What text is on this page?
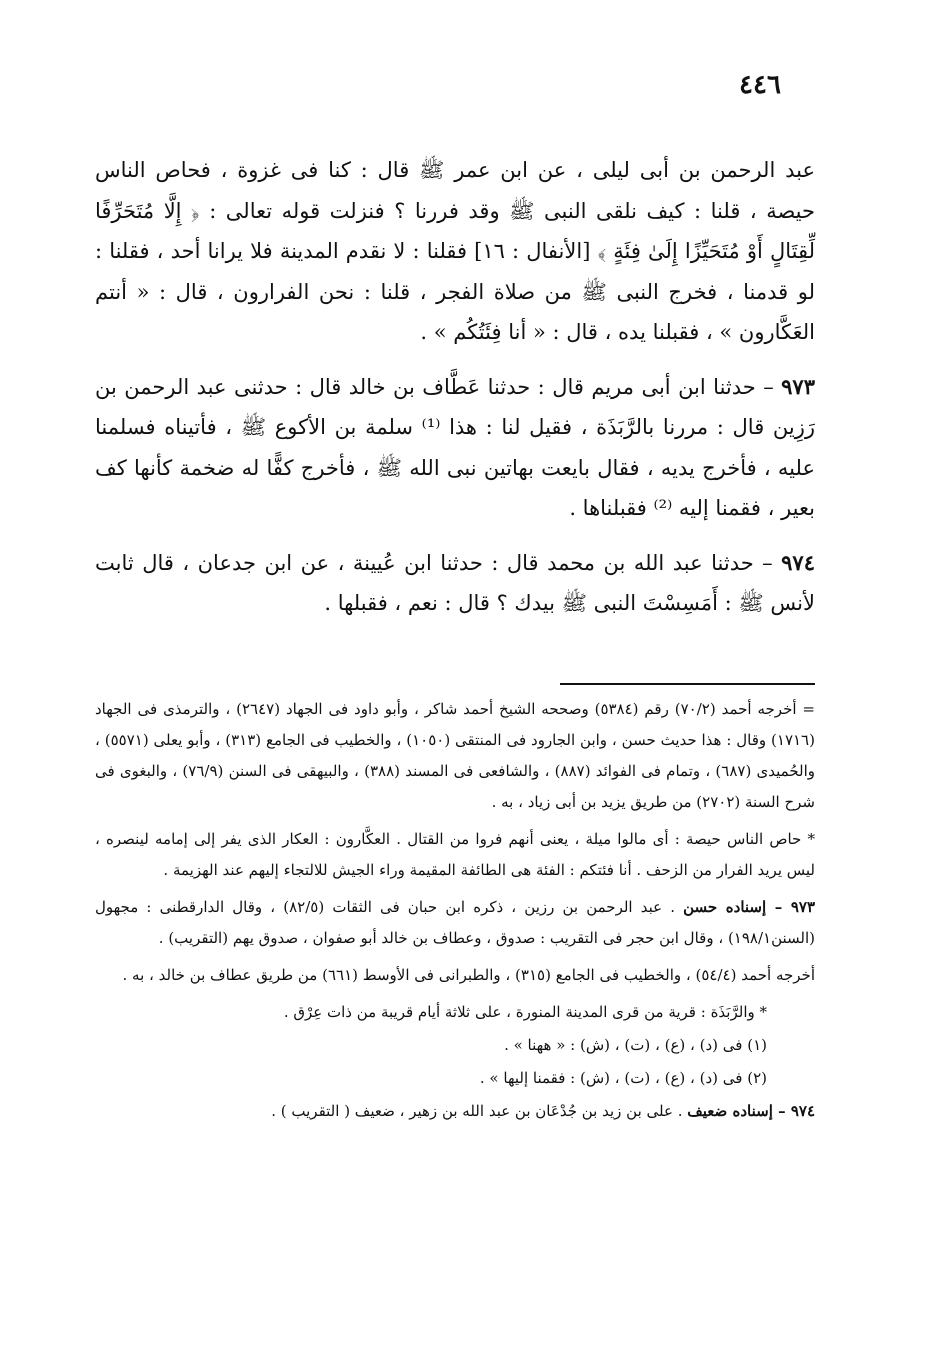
٤٤٦

عبد الرحمن بن أبى ليلى ، عن ابن عمر ﷺ قال : كنا فى غزوة ، فحاص الناس حيصة ، قلنا : كيف نلقى النبى ﷺ وقد فررنا ؟ فنزلت قوله تعالى : ﴿ إِلَّا مُتَحَرِّفًا لِّقِتَالٍ أَوْ مُتَحَيِّزًا إِلَىٰ فِئَةٍ ﴾ [الأنفال : ١٦] فقلنا : لا نقدم المدينة فلا يرانا أحد ، فقلنا : لو قدمنا ، فخرج النبى ﷺ من صلاة الفجر ، قلنا : نحن الفرارون ، قال : « أنتم العَكَّارون » ، فقبلنا يده ، قال : « أنا فِئَتُكُم » .

٩٧٣ – حدثنا ابن أبى مريم قال : حدثنا عَطَّاف بن خالد قال : حدثنى عبد الرحمن بن رَزِين قال : مررنا بالرَّبَذَة ، فقيل لنا : هذا ⁽¹⁾ سلمة بن الأكوع ﷺ ، فأتيناه فسلمنا عليه ، فأخرج يديه ، فقال بايعت بهاتين نبى الله ﷺ ، فأخرج كفًّا له ضخمة كأنها كف بعير ، فقمنا إليه ⁽²⁾ فقبلناها .

٩٧٤ – حدثنا عبد الله بن محمد قال : حدثنا ابن عُيينة ، عن ابن جدعان ، قال ثابت لأنس ﷺ : أَمَسِسْتَ النبى ﷺ بيدك ؟ قال : نعم ، فقبلها .

= أخرجه أحمد (٧٠/٢) رقم (٥٣٨٤) وصححه الشيخ أحمد شاكر ، وأبو داود فى الجهاد (٢٦٤٧) ، والترمذى فى الجهاد (١٧١٦) وقال : هذا حديث حسن ، وابن الجارود فى المنتقى (١٠٥٠) ، والخطيب فى الجامع (٣١٣) ، وأبو يعلى (٥٥٧١) ، والحُميدى (٦٨٧) ، وتمام فى الفوائد (٨٨٧) ، والشافعى فى المسند (٣٨٨) ، والبيهقى فى السنن (٧٦/٩) ، والبغوى فى شرح السنة (٢٧٠٢) من طريق يزيد بن أبى زياد ، به .

* حاص الناس حيصة : أى مالوا ميلة ، يعنى أنهم فروا من القتال . العكَّارون : العكار الذى يفر إلى إمامه لينصره ، ليس يريد الفرار من الزحف . أنا فئتكم : الفئة هى الطائفة المقيمة وراء الجيش للالتجاء إليهم عند الهزيمة .

٩٧٣ – إسناده حسن . عبد الرحمن بن رزين ، ذكره ابن حبان فى الثقات (٨٢/٥) ، وقال الدارقطنى : مجهول (السنن١٩٨/١) ، وقال ابن حجر فى التقريب : صدوق ، وعطاف بن خالد أبو صفوان ، صدوق يهم (التقريب) .

أخرجه أحمد (٥٤/٤) ، والخطيب فى الجامع (٣١٥) ، والطبرانى فى الأوسط (٦٦١) من طريق عطاف بن خالد ، به .

* والرَّبَذَة : قرية من قرى المدينة المنورة ، على ثلاثة أيام قريبة من ذات عِرْق .

(١) فى (د) ، (ع) ، (ت) ، (ش) : « ههنا » .

(٢) فى (د) ، (ع) ، (ت) ، (ش) : فقمنا إليها » .

٩٧٤ – إسناده ضعيف . على بن زيد بن جُدْعَان بن عبد الله بن زهير ، ضعيف ( التقريب ) .
